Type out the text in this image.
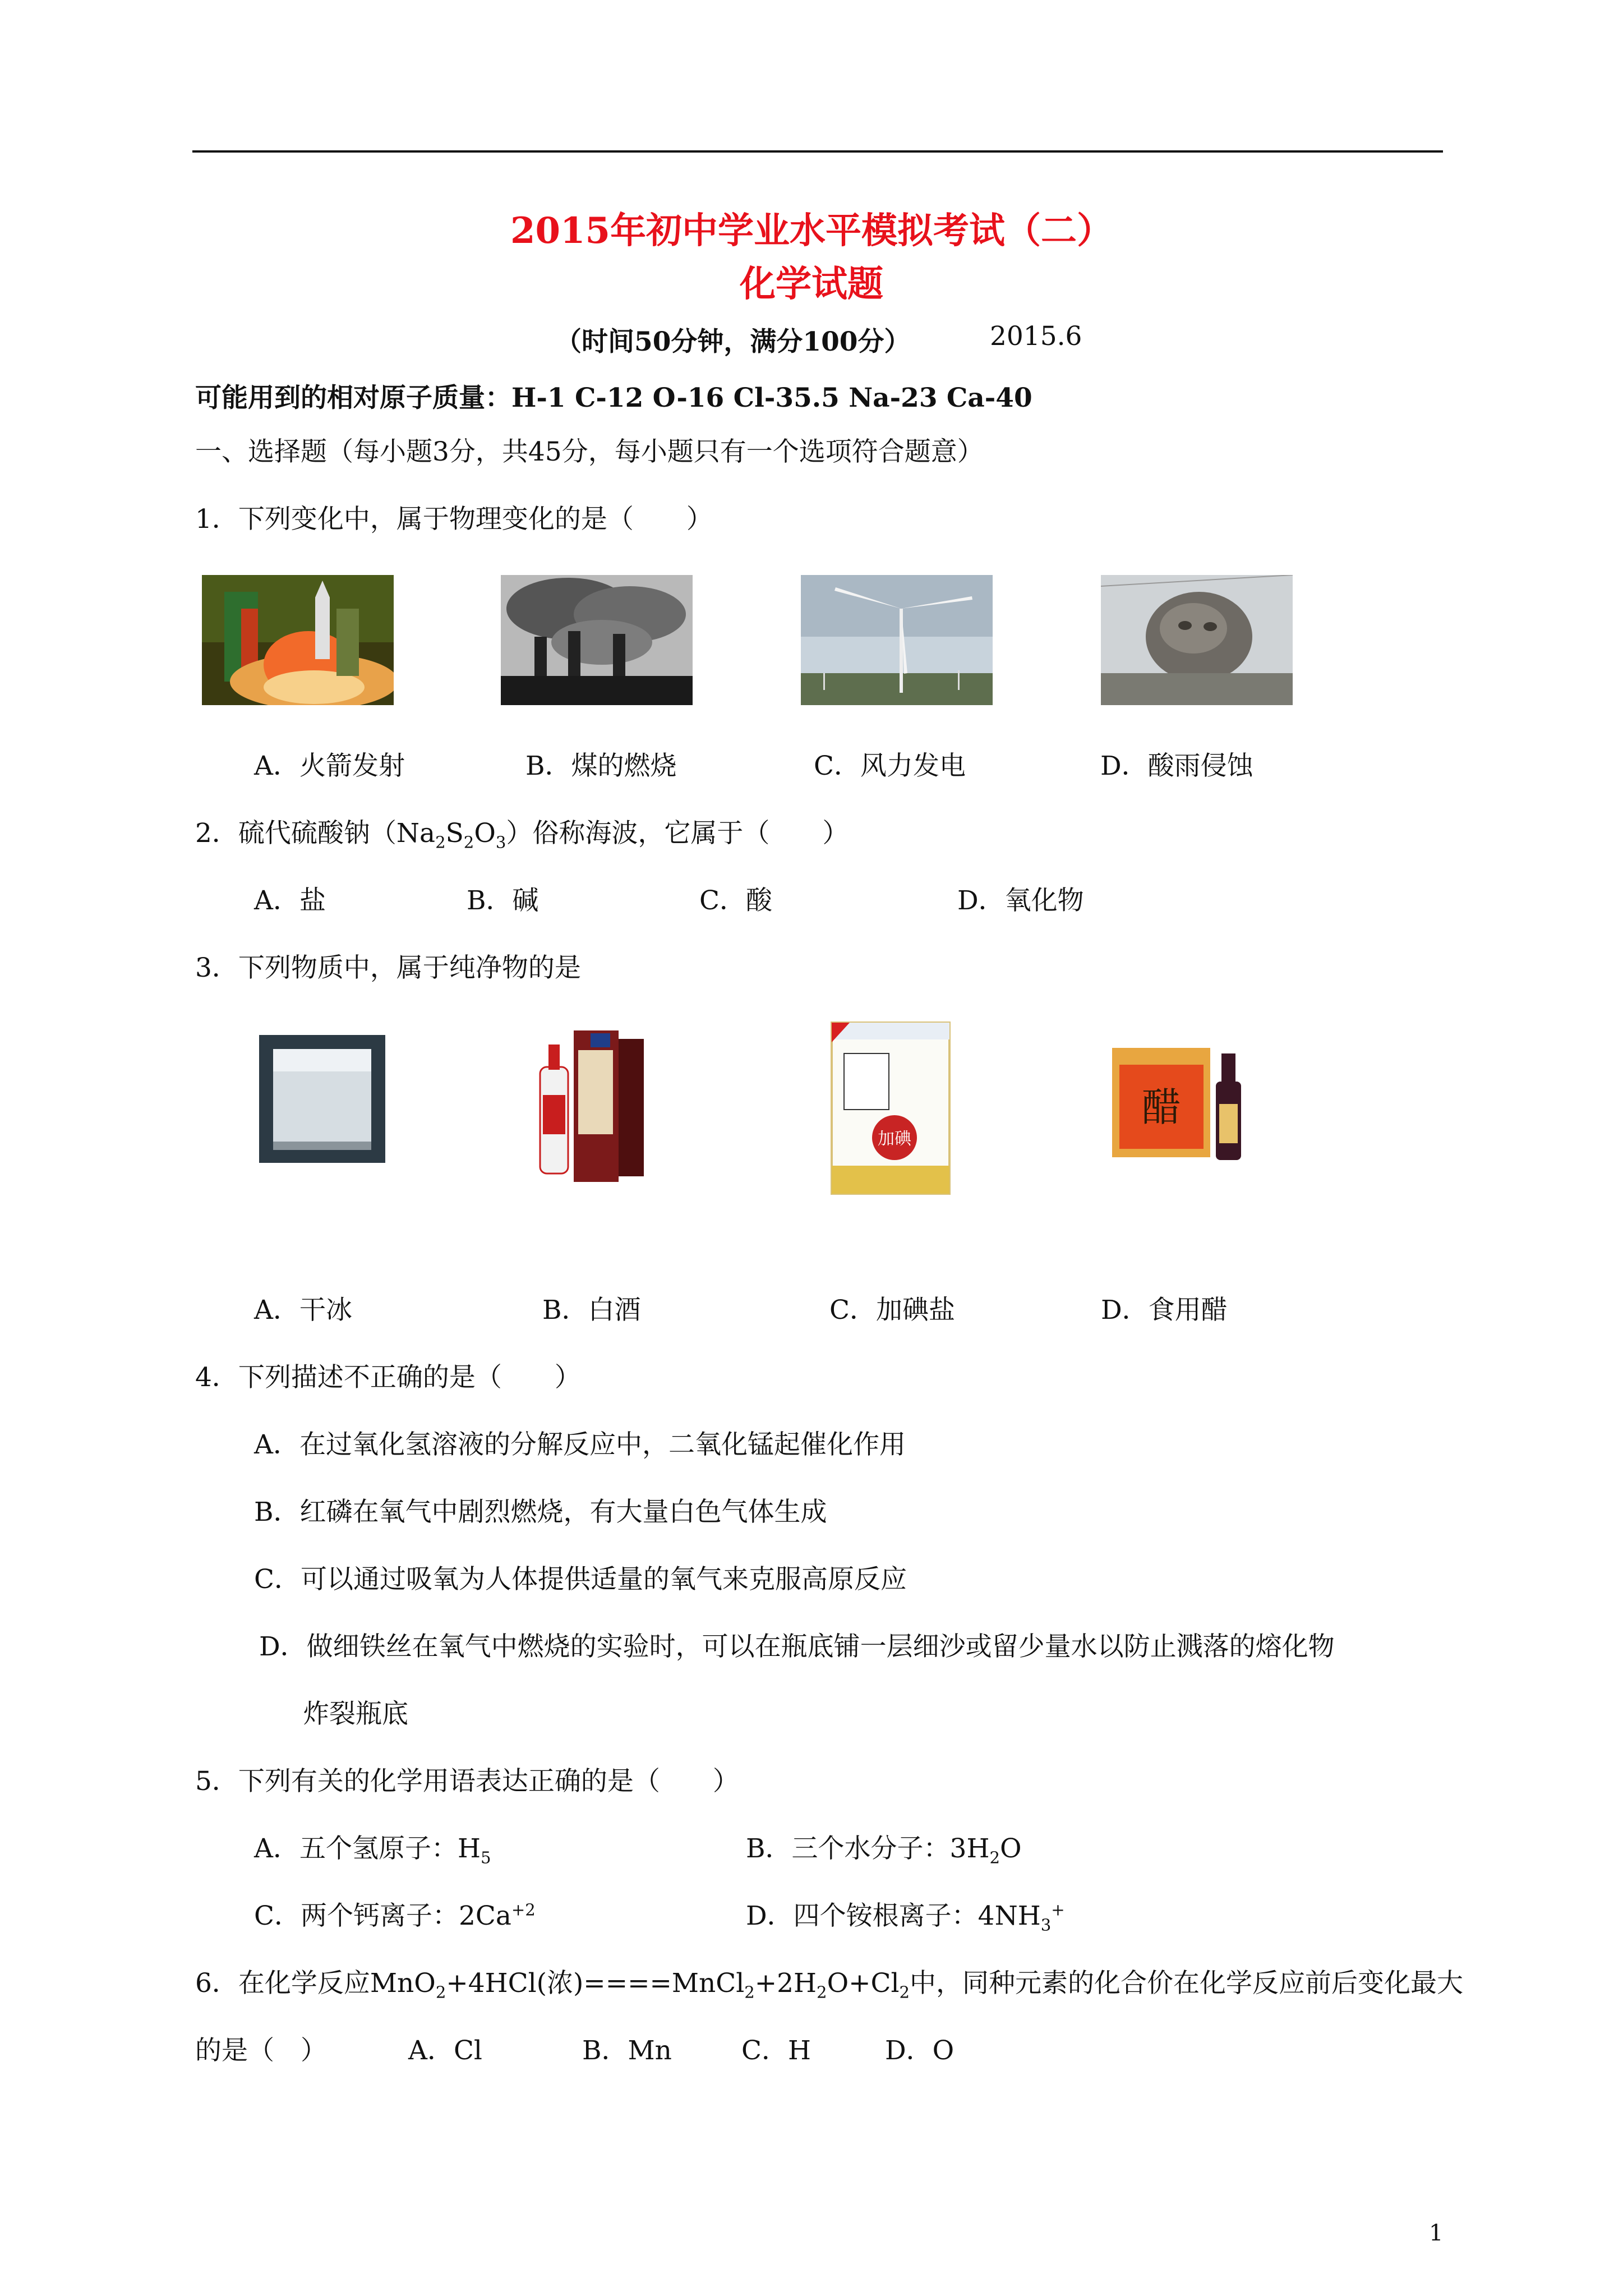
2015年初中学业水平模拟考试（二）
化学试题
（时间50分钟，满分100分）	2015.6
可能用到的相对原子质量：H-1 C-12 O-16 Cl-35.5 Na-23 Ca-40
一、选择题（每小题3分，共45分，每小题只有一个选项符合题意）
1．下列变化中，属于物理变化的是（　　）
A．火箭发射	B．煤的燃烧	C．风力发电	D．酸雨侵蚀
2．硫代硫酸钠$(Na_2S_2O_3)$俗称海波，它属于（　　）
A．盐	B．碱	C．酸	D．氧化物
3．下列物质中，属于纯净物的是
加碘
醋
A．干冰	B．白酒	C．加碘盐	D．食用醋
4．下列描述不正确的是（　　）
A．在过氧化氢溶液的分解反应中，二氧化锰起催化作用
B．红磷在氧气中剧烈燃烧，有大量白色气体生成
C．可以通过吸氧为人体提供适量的氧气来克服高原反应
D．做细铁丝在氧气中燃烧的实验时，可以在瓶底铺一层细沙或留少量水以防止溅落的熔化物
炸裂瓶底
5．下列有关的化学用语表达正确的是（　　）
A．五个氢原子：$H_5$	B．三个水分子：$3H_2O$
C．两个钙离子：$2Ca^{+2}$	D．四个铵根离子：$4NH_3^+$
6．在化学反应MnO$_2$+4HCl(浓)$====MnCl_2+2H_2O+Cl_2$中，同种元素的化合价在化学反应前后变化最大
的是（　）	A．Cl	B．Mn	C．H	D．O
1
